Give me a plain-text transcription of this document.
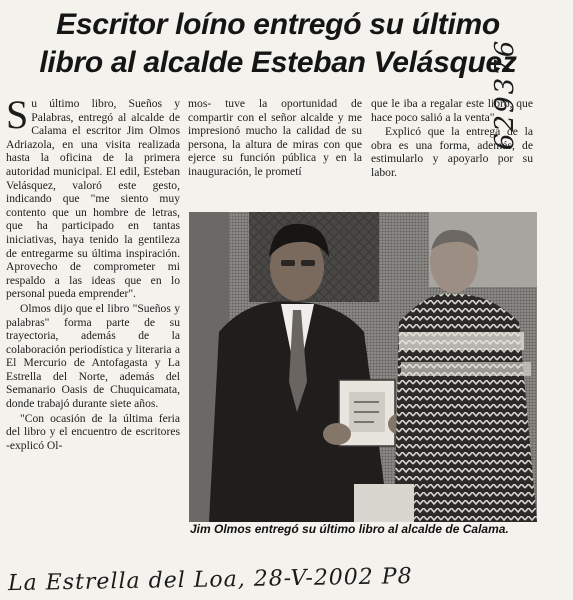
Escritor loíno entregó su último libro al alcalde Esteban Velásquez

Su último libro, Sueños y Palabras, entregó al alcalde de Calama el escritor Jim Olmos Adriazola, en una visita realizada hasta la oficina de la primera autoridad municipal. El edil, Esteban Velásquez, valoró este gesto, indicando que "me siento muy contento que un hombre de letras, que ha participado en tantas iniciativas, haya tenido la gentileza de entregarme su última inspiración. Aprovecho de comprometer mi respaldo a las ideas que en lo personal pueda emprender".

Olmos dijo que el libro "Sueños y palabras" forma parte de su trayectoria, además de la colaboración periodística y literaria a El Mercurio de Antofagasta y La Estrella del Norte, además del Semanario Oasis de Chuquicamata, donde trabajó durante siete años.

"Con ocasión de la última feria del libro y el encuentro de escritores -explicó Ol-

mos- tuve la oportunidad de compartir con el señor alcalde y me impresionó mucho la calidad de su persona, la altura de miras con que ejerce su función pública y en la inauguración, le prometí

que le iba a regalar este libro, que hace poco salió a la venta".

Explicó que la entrega de la obra es una forma, además, de estimularlo y apoyarlo por su labor.

Jim Olmos entregó su último libro al alcalde de Calama.
La Estrella del Loa, 28-V-2002 P8
629376
